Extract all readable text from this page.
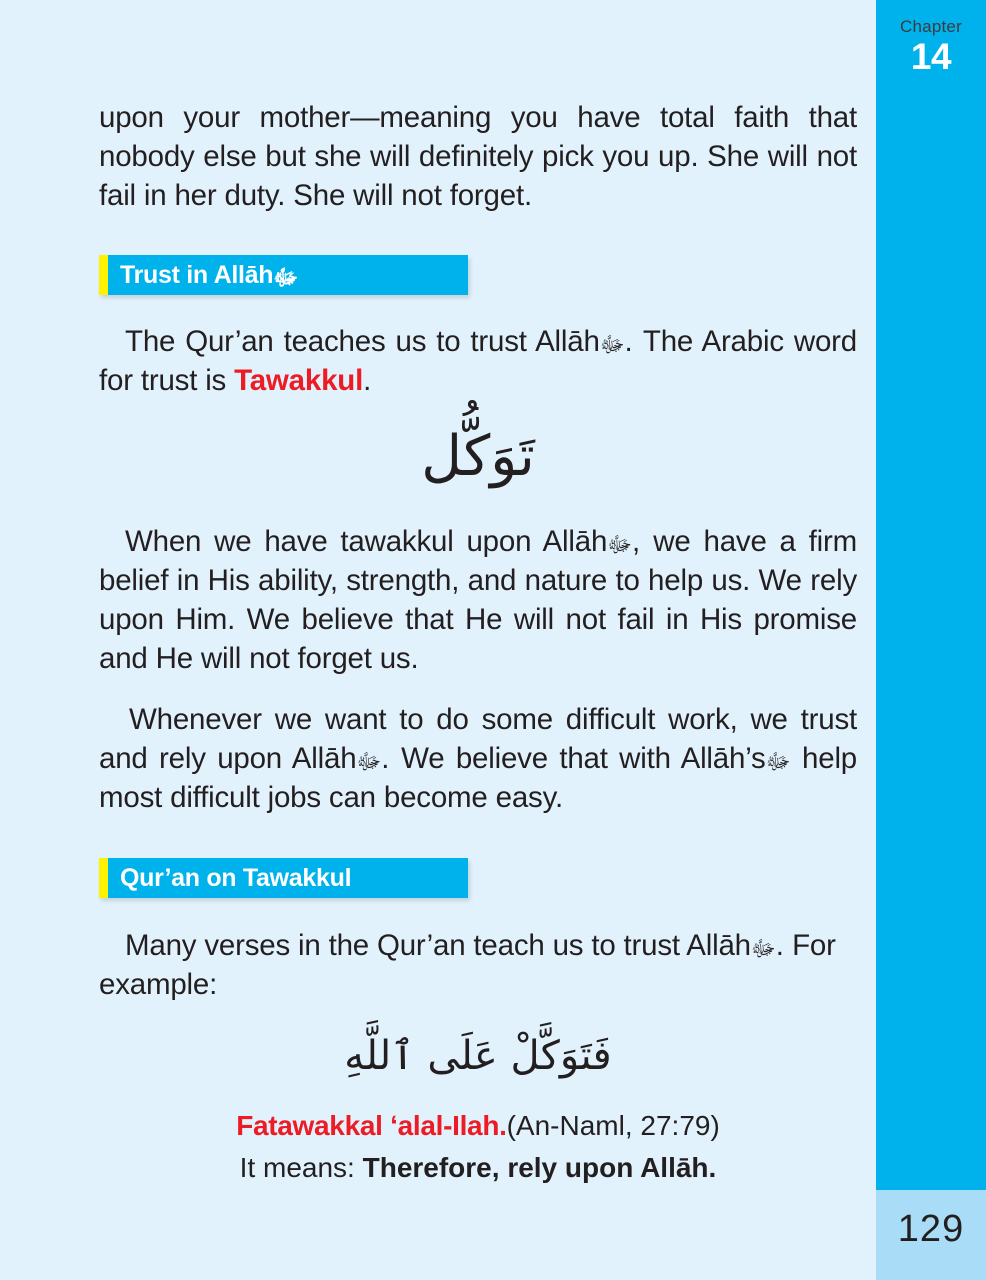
Chapter
14
129

upon your mother—meaning you have total faith that nobody else but she will definitely pick you up. She will not fail in her duty. She will not forget.

Trust in Allāhﷻ

The Qur’an teaches us to trust Allāhﷻ. The Arabic word for trust is Tawakkul.

تَوَكُّل

When we have tawakkul upon Allāhﷻ, we have a firm belief in His ability, strength, and nature to help us. We rely upon Him. We believe that He will not fail in His promise and He will not forget us.

Whenever we want to do some difficult work, we trust and rely upon Allāhﷻ. We believe that with Allāh’sﷻ help most difficult jobs can become easy.

Qur’an on Tawakkul

Many verses in the Qur’an teach us to trust Allāhﷻ. For example:

فَتَوَكَّلْ عَلَى ٱللَّهِ
Fatawakkal ʻalal-Ilah.(An-Naml, 27:79)
It means: Therefore, rely upon Allāh.
